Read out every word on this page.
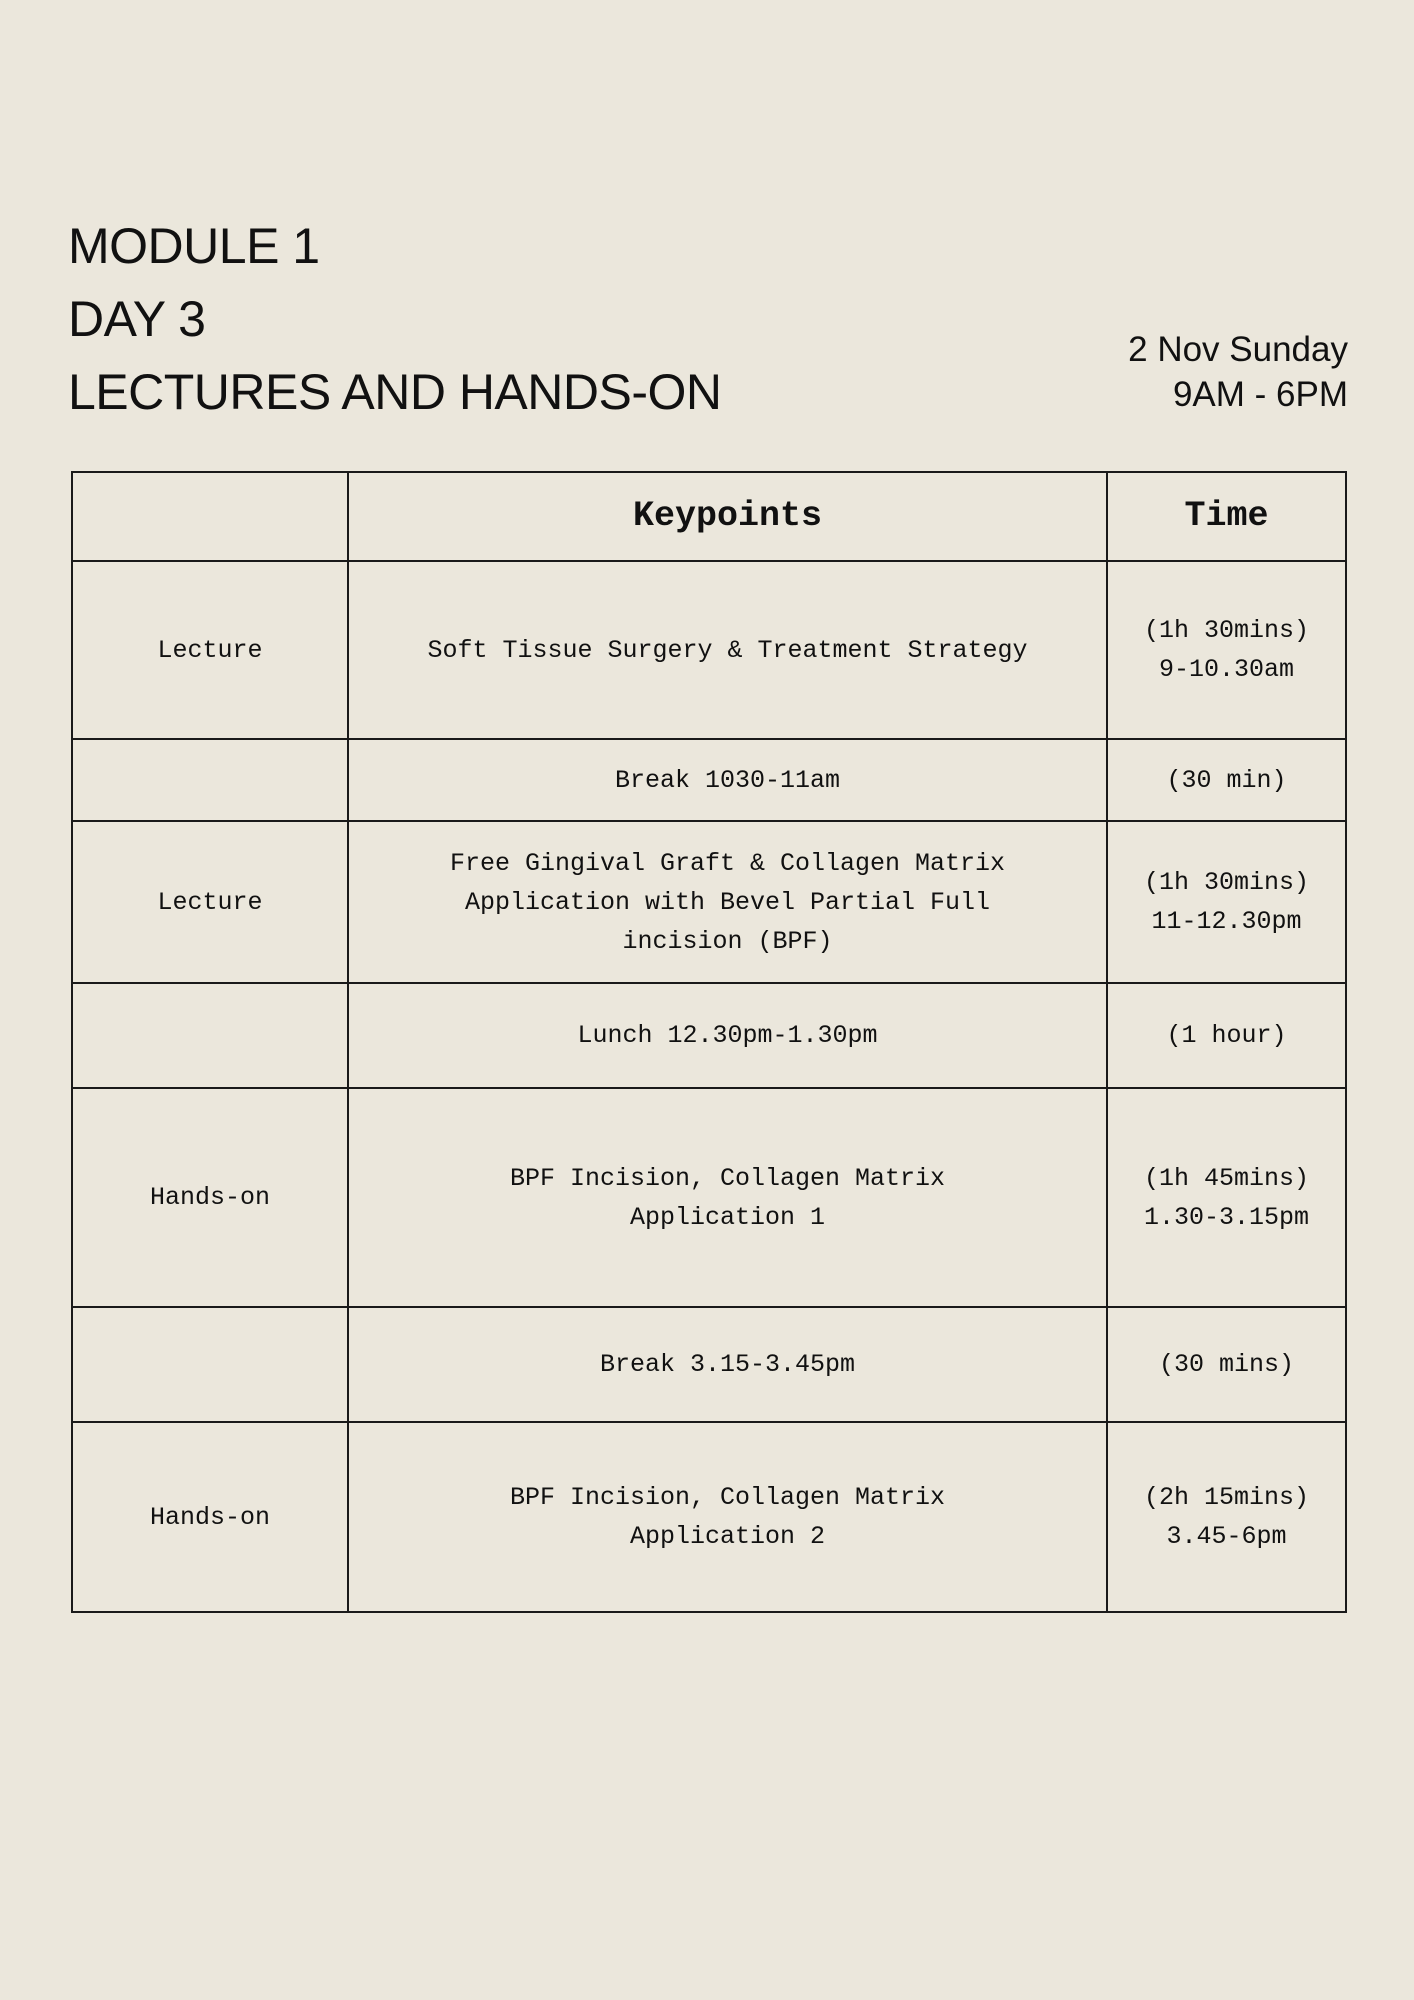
MODULE 1
DAY 3
LECTURES AND HANDS-ON
2 Nov Sunday
9AM - 6PM
	Keypoints	Time
Lecture	Soft Tissue Surgery & Treatment Strategy	(1h 30mins)
9-10.30am

	Break 1030-11am	(30 min)
Lecture	Free Gingival Graft & Collagen Matrix Application with Bevel Partial Full incision (BPF)	(1h 30mins)
11-12.30pm

	Lunch 12.30pm-1.30pm	(1 hour)
Hands-on	BPF Incision, Collagen Matrix Application 1	(1h 45mins)
1.30-3.15pm

	Break 3.15-3.45pm	(30 mins)
Hands-on	BPF Incision, Collagen Matrix Application 2	(2h 15mins)
3.45-6pm
